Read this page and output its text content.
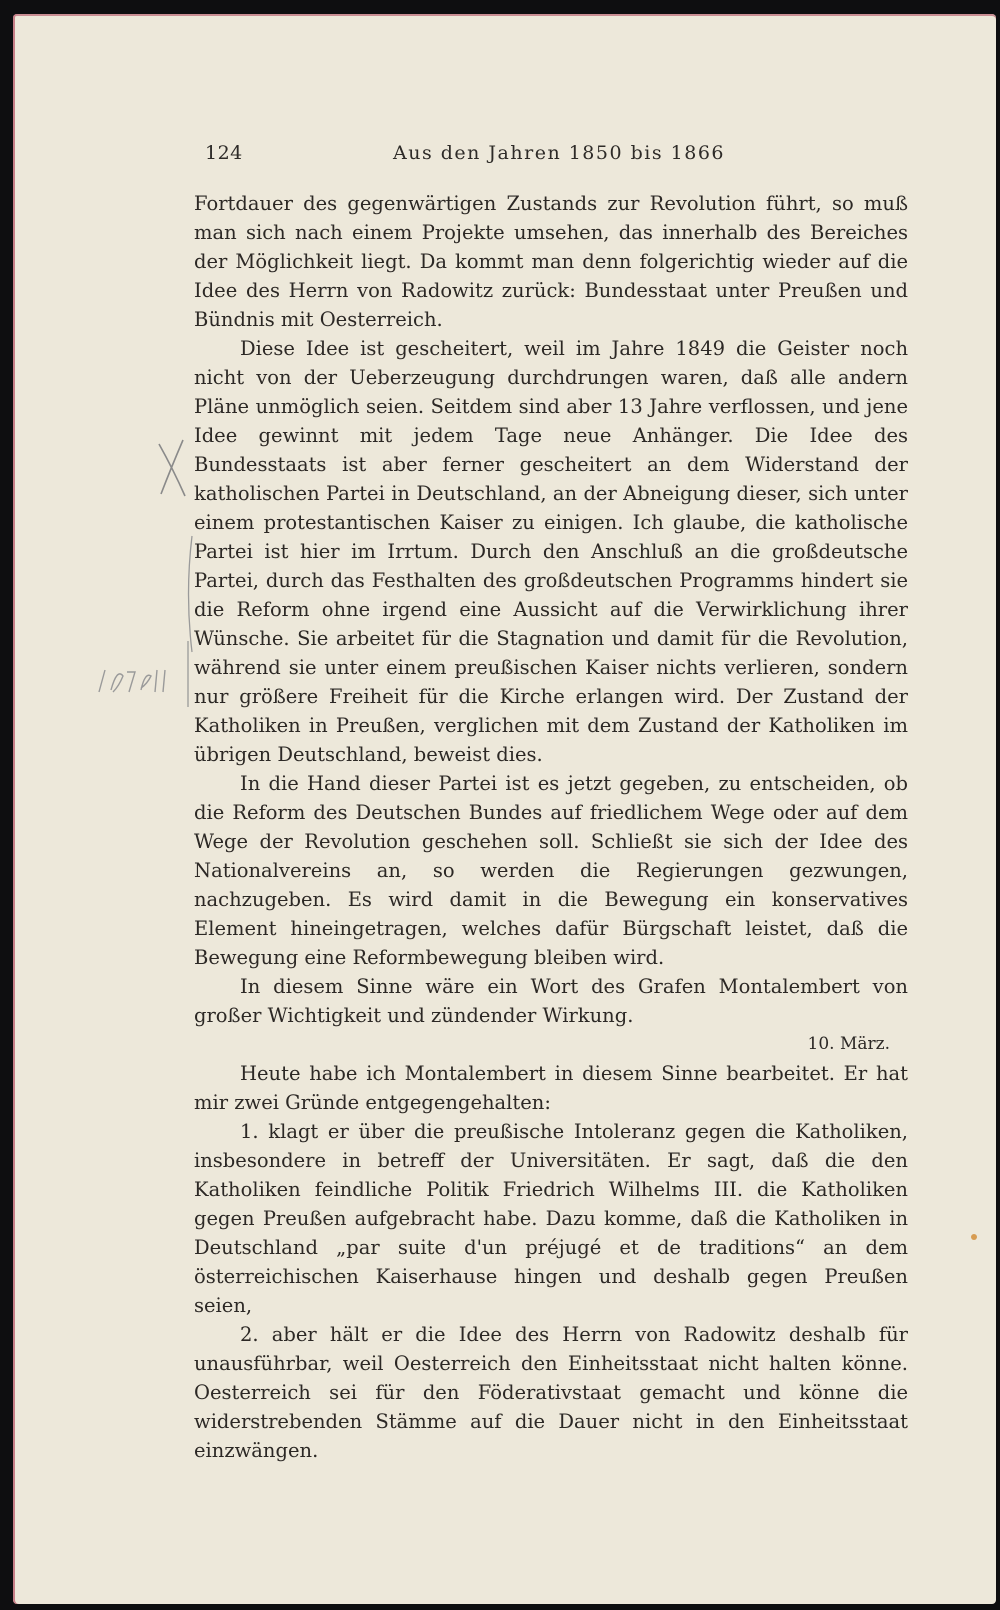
124	Aus den Jahren 1850 bis 1866

Fortdauer des gegenwärtigen Zustands zur Revolution führt, so muß man sich nach einem Projekte umsehen, das innerhalb des Bereiches der Möglichkeit liegt. Da kommt man denn folgerichtig wieder auf die Idee des Herrn von Radowitz zurück: Bundesstaat unter Preußen und Bündnis mit Oesterreich.

Diese Idee ist gescheitert, weil im Jahre 1849 die Geister noch nicht von der Ueberzeugung durchdrungen waren, daß alle andern Pläne unmöglich seien. Seitdem sind aber 13 Jahre verflossen, und jene Idee gewinnt mit jedem Tage neue Anhänger. Die Idee des Bundesstaats ist aber ferner gescheitert an dem Widerstand der katholischen Partei in Deutschland, an der Abneigung dieser, sich unter einem protestantischen Kaiser zu einigen. Ich glaube, die katholische Partei ist hier im Irrtum. Durch den Anschluß an die großdeutsche Partei, durch das Festhalten des großdeutschen Programms hindert sie die Reform ohne irgend eine Aussicht auf die Verwirklichung ihrer Wünsche. Sie arbeitet für die Stagnation und damit für die Revolution, während sie unter einem preußischen Kaiser nichts verlieren, sondern nur größere Freiheit für die Kirche erlangen wird. Der Zustand der Katholiken in Preußen, verglichen mit dem Zustand der Katholiken im übrigen Deutschland, beweist dies.

In die Hand dieser Partei ist es jetzt gegeben, zu entscheiden, ob die Reform des Deutschen Bundes auf friedlichem Wege oder auf dem Wege der Revolution geschehen soll. Schließt sie sich der Idee des Nationalvereins an, so werden die Regierungen gezwungen, nachzugeben. Es wird damit in die Bewegung ein konservatives Element hineingetragen, welches dafür Bürgschaft leistet, daß die Bewegung eine Reformbewegung bleiben wird.

In diesem Sinne wäre ein Wort des Grafen Montalembert von großer Wichtigkeit und zündender Wirkung.

10. März.

Heute habe ich Montalembert in diesem Sinne bearbeitet. Er hat mir zwei Gründe entgegengehalten:

1. klagt er über die preußische Intoleranz gegen die Katholiken, insbesondere in betreff der Universitäten. Er sagt, daß die den Katholiken feindliche Politik Friedrich Wilhelms III. die Katholiken gegen Preußen aufgebracht habe. Dazu komme, daß die Katholiken in Deutschland „par suite d'un préjugé et de traditions“ an dem österreichischen Kaiserhause hingen und deshalb gegen Preußen seien,

2. aber hält er die Idee des Herrn von Radowitz deshalb für unausführbar, weil Oesterreich den Einheitsstaat nicht halten könne. Oesterreich sei für den Föderativstaat gemacht und könne die widerstrebenden Stämme auf die Dauer nicht in den Einheitsstaat einzwängen.
